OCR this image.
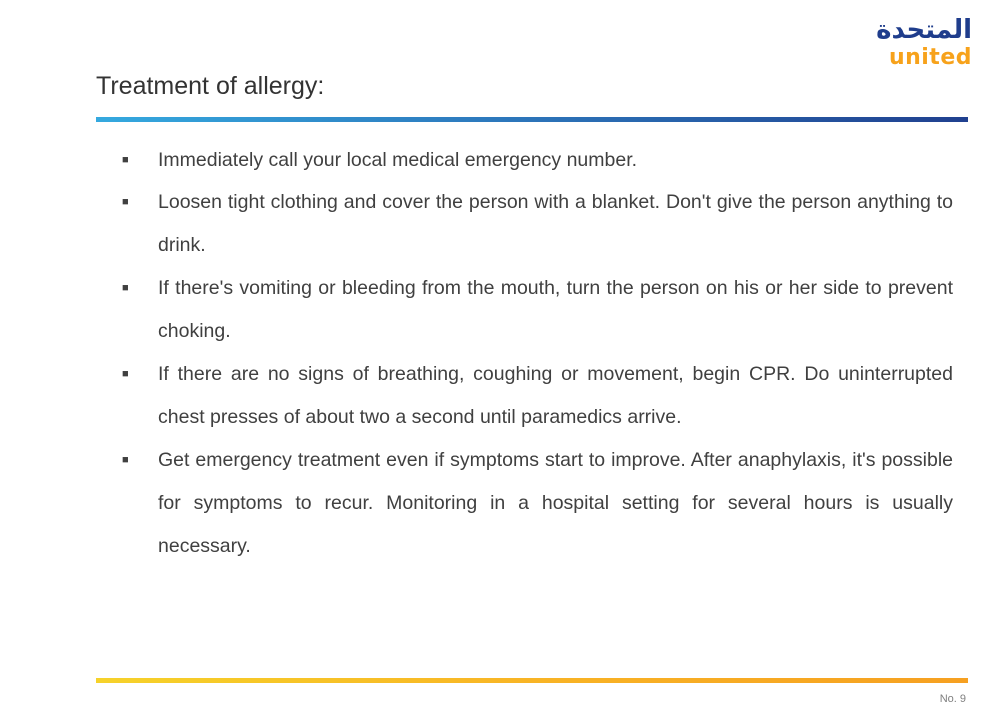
المتحدة
united
Treatment of allergy:
■ Immediately call your local medical emergency number.
■ Loosen tight clothing and cover the person with a blanket. Don't give the person anything to drink.
■ If there's vomiting or bleeding from the mouth, turn the person on his or her side to prevent choking.
■ If there are no signs of breathing, coughing or movement, begin CPR. Do uninterrupted chest presses of about two a second until paramedics arrive.
■ Get emergency treatment even if symptoms start to improve. After anaphylaxis, it's possible for symptoms to recur. Monitoring in a hospital setting for several hours is usually necessary.
No. 9
